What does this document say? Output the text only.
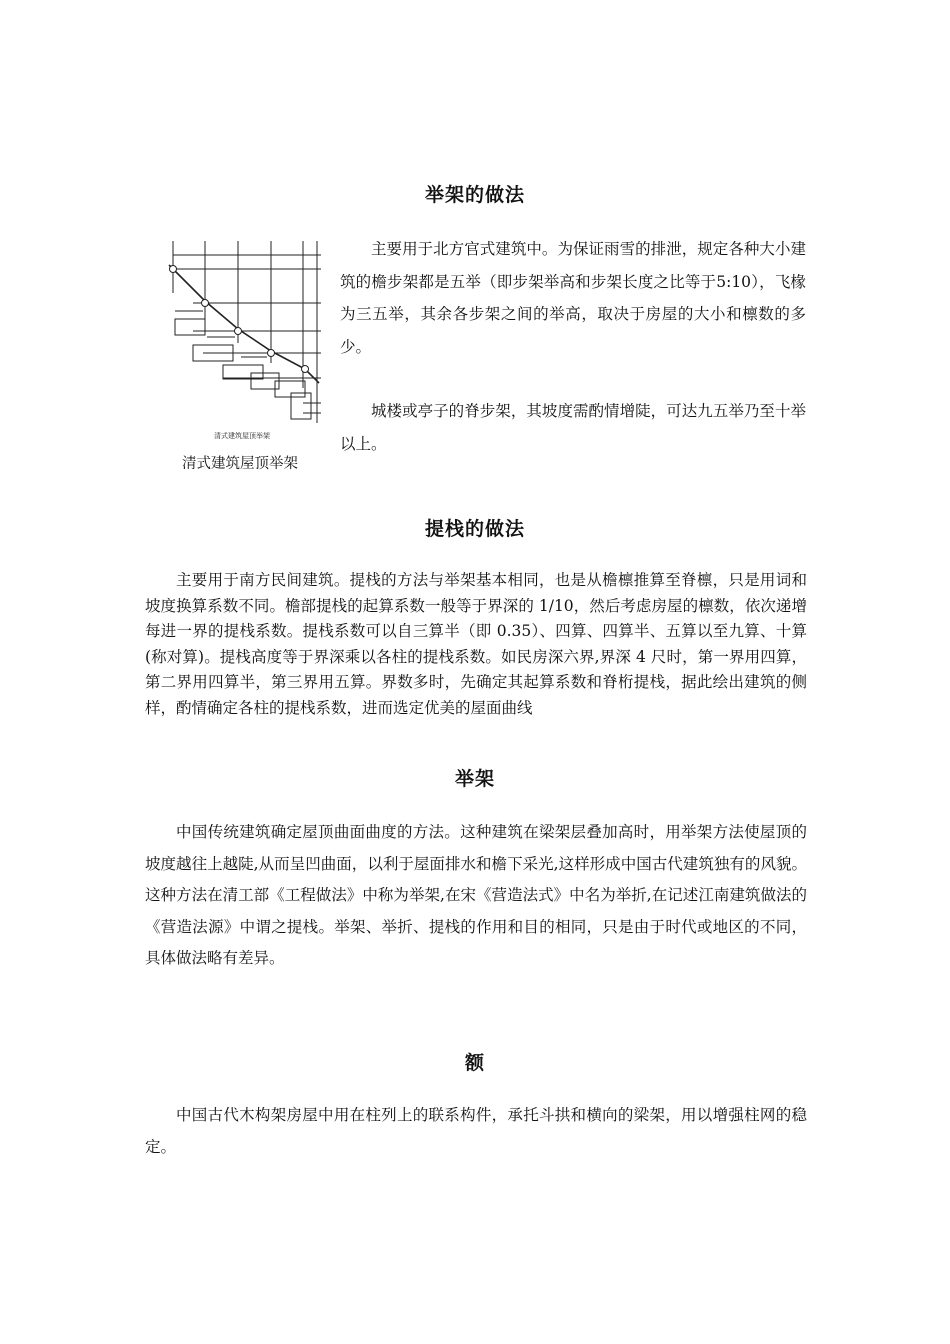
举架的做法
清式建筑屋顶举架
清式建筑屋顶举架
主要用于北方官式建筑中。为保证雨雪的排泄，规定各种大小建筑的檐步架都是五举（即步架举高和步架长度之比等于5:10），飞椽为三五举，其余各步架之间的举高，取决于房屋的大小和檩数的多少。
城楼或亭子的脊步架，其坡度需酌情增陡，可达九五举乃至十举以上。
提栈的做法
主要用于南方民间建筑。提栈的方法与举架基本相同，也是从檐檩推算至脊檩，只是用词和坡度换算系数不同。檐部提栈的起算系数一般等于界深的 1/10，然后考虑房屋的檩数，依次递增每进一界的提栈系数。提栈系数可以自三算半（即 0.35）、四算、四算半、五算以至九算、十算(称对算)。提栈高度等于界深乘以各柱的提栈系数。如民房深六界,界深 4 尺时，第一界用四算，第二界用四算半，第三界用五算。界数多时，先确定其起算系数和脊桁提栈，据此绘出建筑的侧样，酌情确定各柱的提栈系数，进而选定优美的屋面曲线
举架
中国传统建筑确定屋顶曲面曲度的方法。这种建筑在梁架层叠加高时，用举架方法使屋顶的坡度越往上越陡,从而呈凹曲面，以利于屋面排水和檐下采光,这样形成中国古代建筑独有的风貌。这种方法在清工部《工程做法》中称为举架,在宋《营造法式》中名为举折,在记述江南建筑做法的《营造法源》中谓之提栈。举架、举折、提栈的作用和目的相同，只是由于时代或地区的不同，具体做法略有差异。
额
中国古代木构架房屋中用在柱列上的联系构件，承托斗拱和横向的梁架，用以增强柱网的稳定。
